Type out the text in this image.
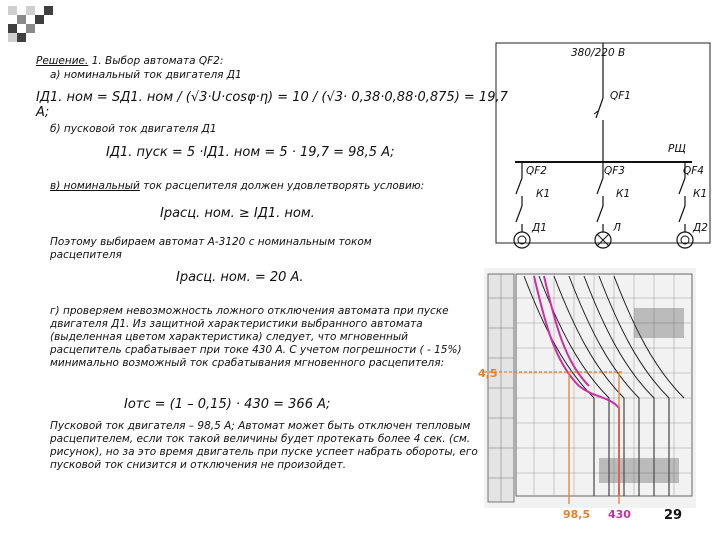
Решение. 1. Выбор автомата QF2:
а) номинальный ток двигателя Д1
IД1. ном = SД1. ном / (√3·U·cosφ·η) = 10 / (√3· 0,38·0,88·0,875) = 19,7
А;
б) пусковой ток двигателя Д1
IД1. пуск = 5 ·IД1. ном = 5 · 19,7 = 98,5 А;
в) номинальный ток расцепителя должен удовлетворять условию:
Iрасц. ном. ≥ IД1. ном.
Поэтому выбираем автомат А-3120 с номинальным током расцепителя
Iрасц. ном. = 20 А.
г) проверяем невозможность ложного отключения автомата при пуске двигателя Д1. Из защитной характеристики выбранного автомата (выделенная цветом характеристика) следует, что мгновенный расцепитель срабатывает при токе 430 А. С учетом погрешности ( - 15%) минимально возможный ток срабатывания мгновенного расцепителя:
Iотс = (1 – 0,15) · 430 = 366 А;
Пусковой ток двигателя – 98,5 А; Автомат может быть отключен тепловым расцепителем, если ток такой величины будет протекать более 4 сек. (см. рисунок), но за это время двигатель при пуске успеет набрать обороты, его пусковой ток снизится и отключения не произойдет.
380/220 В
QF1
РЩ
QF2	QF3	QF4
К1	К1	К1
Д1	Л	Д2
4,5
98,5 430	29
